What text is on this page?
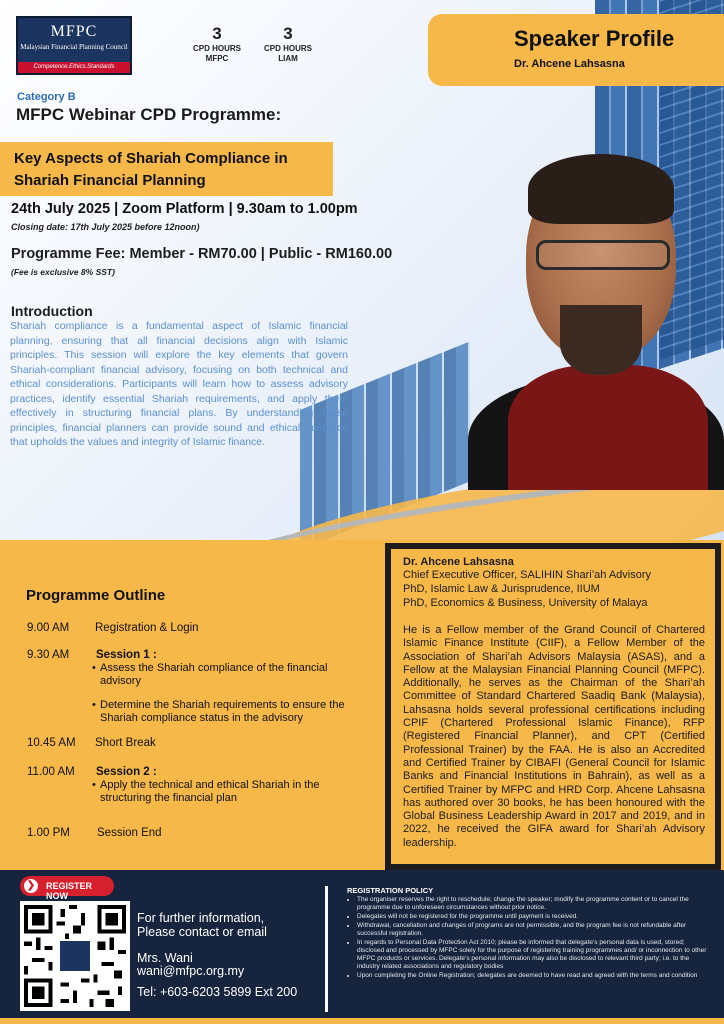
MFPC
Malaysian Financial Planning Council
Competence.Ethics.Standards
3
CPD HOURS
MFPC
3
CPD HOURS
LIAM
Speaker Profile
Dr. Ahcene Lahsasna
Category B
MFPC Webinar CPD Programme:
Key Aspects of Shariah Compliance in
Shariah Financial Planning
24th July 2025 | Zoom Platform | 9.30am to 1.00pm
Closing date: 17th July 2025 before 12noon)
Programme Fee: Member - RM70.00 | Public - RM160.00
(Fee is exclusive 8% SST)
Introduction
Shariah compliance is a fundamental aspect of Islamic financial planning, ensuring that all financial decisions align with Islamic principles. This session will explore the key elements that govern Shariah-compliant financial advisory, focusing on both technical and ethical considerations. Participants will learn how to assess advisory practices, identify essential Shariah requirements, and apply them effectively in structuring financial plans. By understanding these principles, financial planners can provide sound and ethical guidance that upholds the values and integrity of Islamic finance.
Programme Outline
9.00 AM Registration & Login
9.30 AM Session 1 :
• Assess the Shariah compliance of the financial advisory
• Determine the Shariah requirements to ensure the Shariah compliance status in the advisory
10.45 AM Short Break
11.00 AM Session 2 :
• Apply the technical and ethical Shariah in the structuring the financial plan
1.00 PM Session End
Dr. Ahcene Lahsasna
Chief Executive Officer, SALIHIN Shari’ah Advisory
PhD, Islamic Law & Jurisprudence, IIUM
PhD, Economics & Business, University of Malaya
He is a Fellow member of the Grand Council of Chartered Islamic Finance Institute (CIIF), a Fellow Member of the Association of Shari’ah Advisors Malaysia (ASAS), and a Fellow at the Malaysian Financial Planning Council (MFPC). Additionally, he serves as the Chairman of the Shari’ah Committee of Standard Chartered Saadiq Bank (Malaysia), Lahsasna holds several professional certifications including CPIF (Chartered Professional Islamic Finance), RFP (Registered Financial Planner), and CPT (Certified Professional Trainer) by the FAA. He is also an Accredited and Certified Trainer by CIBAFI (General Council for Islamic Banks and Financial Institutions in Bahrain), as well as a Certified Trainer by MFPC and HRD Corp. Ahcene Lahsasna has authored over 30 books, he has been honoured with the Global Business Leadership Award in 2017 and 2019, and in 2022, he received the GIFA award for Shari’ah Advisory leadership.
❯	REGISTER NOW
For further information,
Please contact or email
Mrs. Wani
wani@mfpc.org.my
Tel: +603-6203 5899 Ext 200
REGISTRATION POLICY
• The organiser reserves the right to reschedule; change the speaker; modify the programme content or to cancel the programme due to unforeseen circumstances without prior notice.
• Delegates will not be registered for the programme until payment is received.
• Withdrawal, cancellation and changes of programs are not permissible, and the program fee is not refundable after successful registration.
• In regards to Personal Data Protection Act 2010; please be informed that delegate’s personal data is used, stored; disclosed and processed by MFPC solely for the purpose of registering training programmes and/ or inconnection to other MFPC products or services. Delegate’s personal information may also be disclosed to relevant third party; i.e. to the industry related associations and regulatory bodies
• Upon completing the Online Registration; delegates are deemed to have read and agreed with the terms and condition
